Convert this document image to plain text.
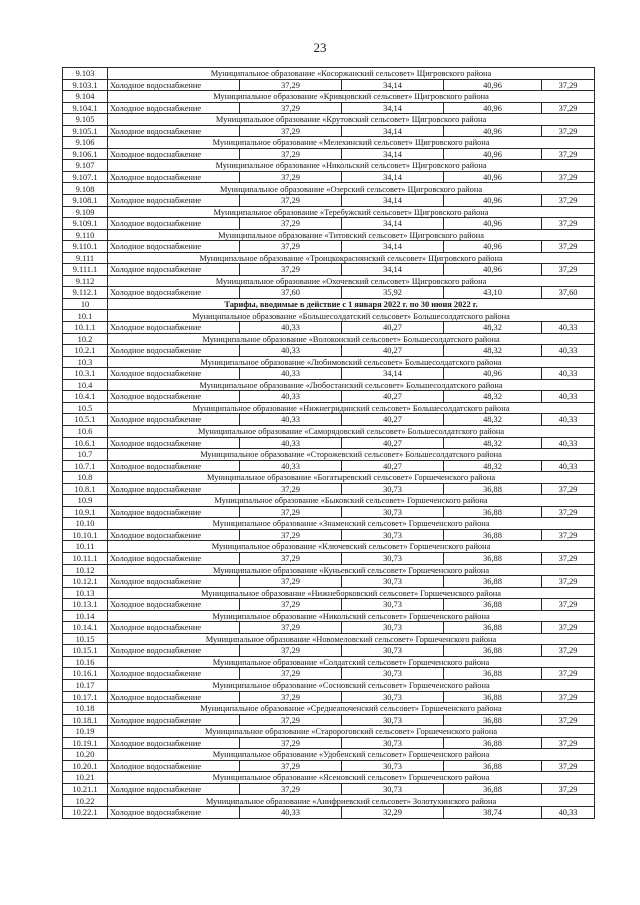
23
9.103	Муниципальное образование «Косоржанский сельсовет» Щигровского района				
9.103.1	Холодное водоснабжение	37,29	34,14	40,96	37,29
9.104	Муниципальное образование «Кривцовский сельсовет» Щигровского района				
9.104.1	Холодное водоснабжение	37,29	34,14	40,96	37,29
9.105	Муниципальное образование «Крутовский сельсовет» Щигровского района				
9.105.1	Холодное водоснабжение	37,29	34,14	40,96	37,29
9.106	Муниципальное образование «Мелехинский сельсовет» Щигровского района				
9.106.1	Холодное водоснабжение	37,29	34,14	40,96	37,29
9.107	Муниципальное образование «Никольский сельсовет» Щигровского района				
9.107.1	Холодное водоснабжение	37,29	34,14	40,96	37,29
9.108	Муниципальное образование «Озерский сельсовет» Щигровского района				
9.108.1	Холодное водоснабжение	37,29	34,14	40,96	37,29
9.109	Муниципальное образование «Теребужский сельсовет» Щигровского района				
9.109.1	Холодное водоснабжение	37,29	34,14	40,96	37,29
9.110	Муниципальное образование «Титовский сельсовет» Щигровского района				
9.110.1	Холодное водоснабжение	37,29	34,14	40,96	37,29
9.111	Муниципальное образование «Троицкокраснянский сельсовет» Щигровского района				
9.111.1	Холодное водоснабжение	37,29	34,14	40,96	37,29
9.112	Муниципальное образование «Охочевский сельсовет» Щигровского района				
9.112.1	Холодное водоснабжение	37,60	35,92	43,10	37,60
10	Тарифы, вводимые в действие с 1 января 2022 г. по 30 июня 2022 г.				
10.1	Муниципальное образование «Большесолдатский сельсовет» Большесолдатского района				
10.1.1	Холодное водоснабжение	40,33	40,27	48,32	40,33
10.2	Муниципальное образование «Волоконский сельсовет» Большесолдатского района				
10.2.1	Холодное водоснабжение	40,33	40,27	48,32	40,33
10.3	Муниципальное образование «Любимовский сельсовет» Большесолдатского района				
10.3.1	Холодное водоснабжение	40,33	34,14	40,96	40,33
10.4	Муниципальное образование «Любостанский сельсовет» Большесолдатского района				
10.4.1	Холодное водоснабжение	40,33	40,27	48,32	40,33
10.5	Муниципальное образование «Нижнегридинский сельсовет» Большесолдатского района				
10.5.1	Холодное водоснабжение	40,33	40,27	48,32	40,33
10.6	Муниципальное образование «Саморядовский сельсовет» Большесолдатского района				
10.6.1	Холодное водоснабжение	40,33	40,27	48,32	40,33
10.7	Муниципальное образование «Сторожевский сельсовет» Большесолдатского района				
10.7.1	Холодное водоснабжение	40,33	40,27	48,32	40,33
10.8	Муниципальное образование «Богатыревский сельсовет» Горшеченского района				
10.8.1	Холодное водоснабжение	37,29	30,73	36,88	37,29
10.9	Муниципальное образование «Быковский сельсовет» Горшеченского района				
10.9.1	Холодное водоснабжение	37,29	30,73	36,88	37,29
10.10	Муниципальное образование «Знаменский сельсовет» Горшеченского района				
10.10.1	Холодное водоснабжение	37,29	30,73	36,88	37,29
10.11	Муниципальное образование «Ключевский сельсовет» Горшеченского района				
10.11.1	Холодное водоснабжение	37,29	30,73	36,88	37,29
10.12	Муниципальное образование «Куньевский сельсовет» Горшеченского района				
10.12.1	Холодное водоснабжение	37,29	30,73	36,88	37,29
10.13	Муниципальное образование «Нижнеборковский сельсовет» Горшеченского района				
10.13.1	Холодное водоснабжение	37,29	30,73	36,88	37,29
10.14	Муниципальное образование «Никольский сельсовет» Горшеченского района				
10.14.1	Холодное водоснабжение	37,29	30,73	36,88	37,29
10.15	Муниципальное образование «Новомеловский сельсовет» Горшеченского района				
10.15.1	Холодное водоснабжение	37,29	30,73	36,88	37,29
10.16	Муниципальное образование «Солдатский сельсовет» Горшеченского района				
10.16.1	Холодное водоснабжение	37,29	30,73	36,88	37,29
10.17	Муниципальное образование «Сосновский сельсовет» Горшеченского района				
10.17.1	Холодное водоснабжение	37,29	30,73	36,88	37,29
10.18	Муниципальное образование «Среднеапоченский сельсовет» Горшеченского района				
10.18.1	Холодное водоснабжение	37,29	30,73	36,88	37,29
10.19	Муниципальное образование «Старороговский сельсовет» Горшеченского района				
10.19.1	Холодное водоснабжение	37,29	30,73	36,88	37,29
10.20	Муниципальное образование «Удобенский сельсовет» Горшеченского района				
10.20.1	Холодное водоснабжение	37,29	30,73	36,88	37,29
10.21	Муниципальное образование «Ясеновский сельсовет» Горшеченского района				
10.21.1	Холодное водоснабжение	37,29	30,73	36,88	37,29
10.22	Муниципальное образование «Анифриевский сельсовет» Золотухинского района				
10.22.1	Холодное водоснабжение	40,33	32,29	38,74	40,33
